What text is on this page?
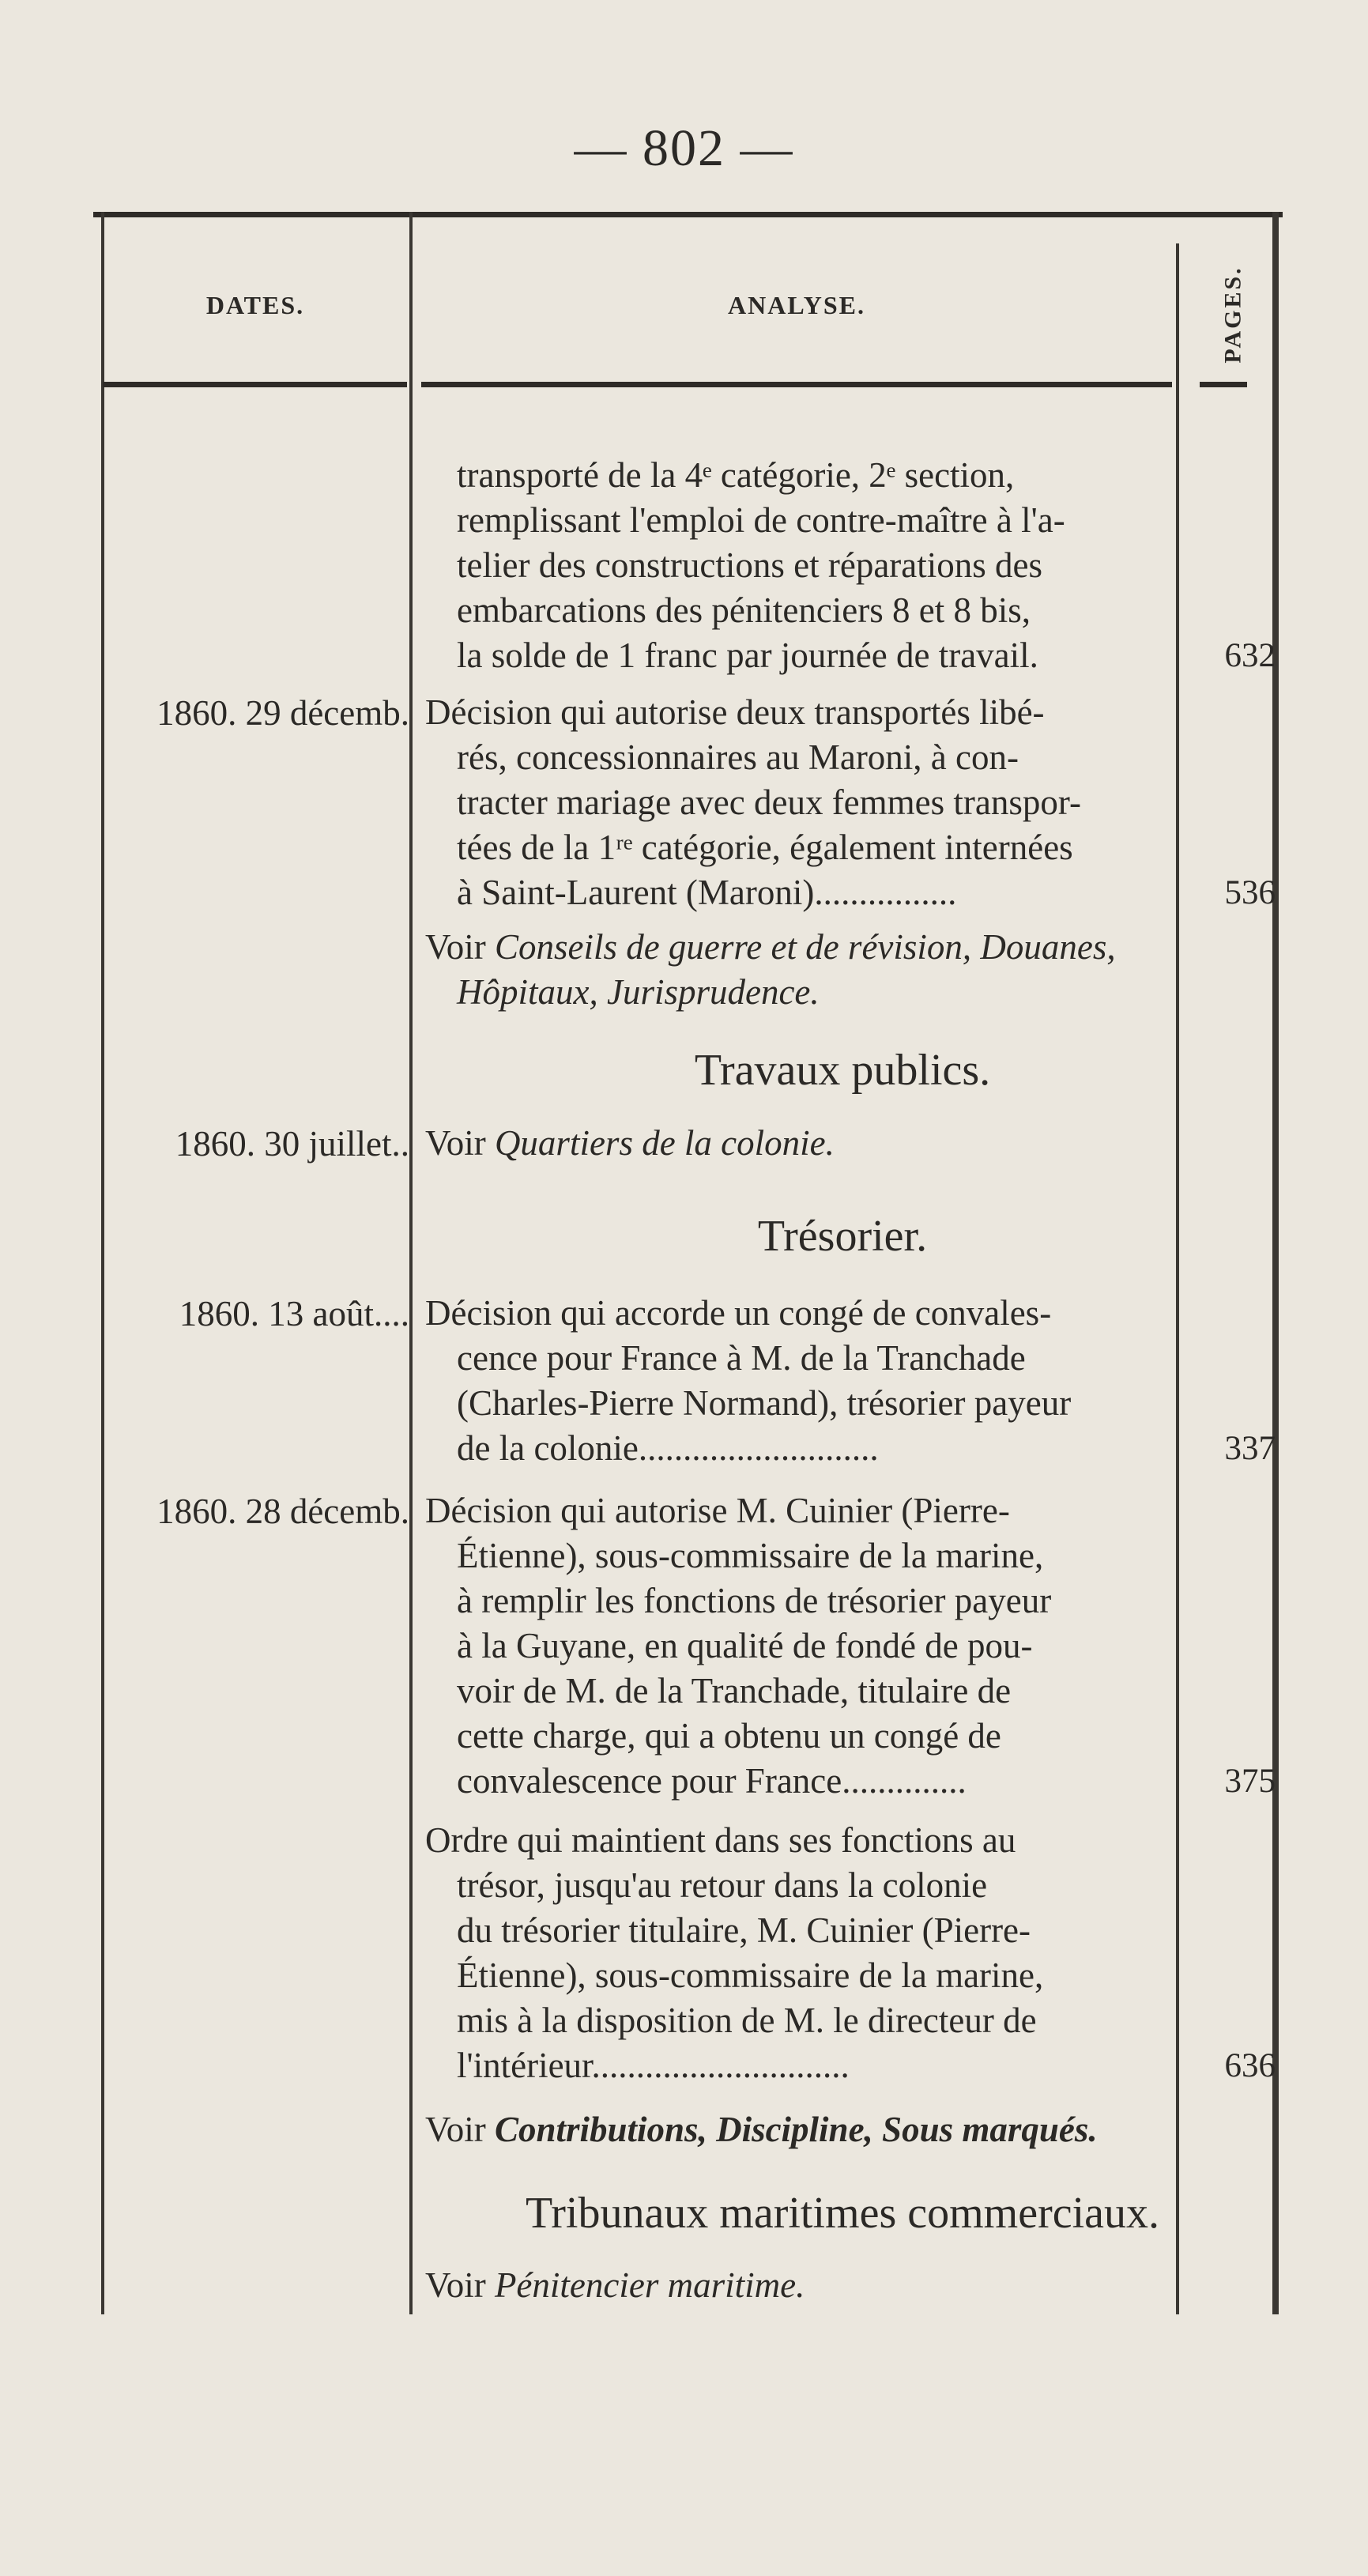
— 802 —
DATES.	ANALYSE.	PAGES.
transporté de la 4ᵉ catégorie, 2ᵉ section,
remplissant l'emploi de contre-maître à l'a-
telier des constructions et réparations des
embarcations des pénitenciers 8 et 8 bis,
la solde de 1 franc par journée de travail.	632
1860. 29 décemb. Décision qui autorise deux transportés libé-
rés, concessionnaires au Maroni, à con-
tracter mariage avec deux femmes transpor-
tées de la 1ʳᵉ catégorie, également internées
à Saint-Laurent (Maroni)................	536
Voir Conseils de guerre et de révision, Douanes,
Hôpitaux, Jurisprudence.
Travaux publics.
1860. 30 juillet.. Voir Quartiers de la colonie.
Trésorier.
1860. 13 août.... Décision qui accorde un congé de convales-
cence pour France à M. de la Tranchade
(Charles-Pierre Normand), trésorier payeur
de la colonie...........................	337
1860. 28 décemb. Décision qui autorise M. Cuinier (Pierre-
Étienne), sous-commissaire de la marine,
à remplir les fonctions de trésorier payeur
à la Guyane, en qualité de fondé de pou-
voir de M. de la Tranchade, titulaire de
cette charge, qui a obtenu un congé de
convalescence pour France..............	375
Ordre qui maintient dans ses fonctions au
trésor, jusqu'au retour dans la colonie
du trésorier titulaire, M. Cuinier (Pierre-
Étienne), sous-commissaire de la marine,
mis à la disposition de M. le directeur de
l'intérieur.............................	636
Voir Contributions, Discipline, Sous marqués.
Tribunaux maritimes commerciaux.
Voir Pénitencier maritime.
